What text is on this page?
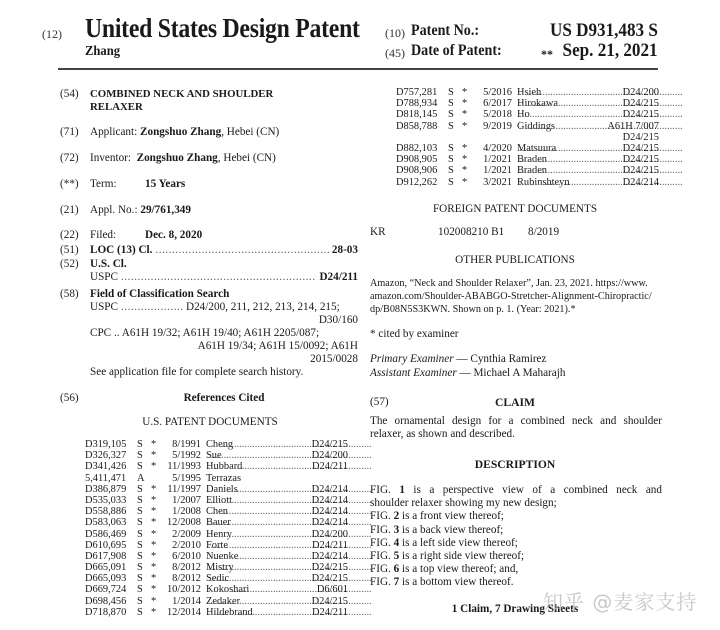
(12) United States Design Patent
Zhang
(10) Patent No.:	US D931,483 S
(45) Date of Patent:	** Sep. 21, 2021
(54) COMBINED NECK AND SHOULDER
RELAXER
(71) Applicant: Zongshuo Zhang, Hebei (CN)
(72) Inventor: Zongshuo Zhang, Hebei (CN)
(**) Term:	15 Years
(21) Appl. No.: 29/761,349
(22) Filed:	Dec. 8, 2020
(51) LOC (13) Cl. .....	28-03
(52) U.S. Cl.
USPC .....	D24/211
(58) Field of Classification Search
USPC .....	D24/200, 211, 212, 213, 214, 215;
D30/160
CPC .. A61H 19/32; A61H 19/40; A61H 2205/087;
A61H 19/34; A61H 15/0092; A61H
2015/0028
See application file for complete search history.
(56)	References Cited
U.S. PATENT DOCUMENTS
D319,105 S *	8/1991 Cheng .....	D24/215
D326,327 S *	5/1992 Sue .....	D24/200
D341,426 S *	11/1993 Hubbard .....	D24/211
5,411,471 A	5/1995 Terrazas
D386,879 S *	11/1997 Daniels .....	D24/214
D535,033 S *	1/2007 Elliott .....	D24/214
D558,886 S *	1/2008 Chen .....	D24/214
D583,063 S *	12/2008 Bauer .....	D24/214
D586,469 S *	2/2009 Henry .....	D24/200
D610,695 S *	2/2010 Forte .....	D24/211
D617,908 S *	6/2010 Nuenke .....	D24/214
D665,091 S *	8/2012 Mistry .....	D24/215
D665,093 S *	8/2012 Sedic .....	D24/215
D669,724 S *	10/2012 Kokoshari .....	D6/601
D698,456 S *	1/2014 Zedaker .....	D24/215
D718,870 S *	12/2014 Hildebrand .....	D24/211
D757,281 S *	5/2016 Hsieh .....	D24/200
D788,934 S *	6/2017 Hirokawa .....	D24/215
D818,145 S *	5/2018 Ho .....	D24/215
D858,788 S *	9/2019 Giddings .....	A61H 7/007
D24/215
D882,103 S *	4/2020 Matsuura .....	D24/215
D908,905 S *	1/2021 Braden .....	D24/215
D908,906 S *	1/2021 Braden .....	D24/215
D912,262 S *	3/2021 Rubinshteyn .....	D24/214
FOREIGN PATENT DOCUMENTS
KR	102008210 B1 8/2019
OTHER PUBLICATIONS
Amazon, “Neck and Shoulder Relaxer”, Jan. 23, 2021. https://www.
amazon.com/Shoulder-ABABGO-Stretcher-Alignment-Chiropractic/
dp/B08N5S3KWN. Shown on p. 1. (Year: 2021).*
* cited by examiner
Primary Examiner — Cynthia Ramirez
Assistant Examiner — Michael A Maharajh
(57)	CLAIM
The ornamental design for a combined neck and shoulder
relaxer, as shown and described.
DESCRIPTION
FIG. 1 is a perspective view of a combined neck and
shoulder relaxer showing my new design;
FIG. 2 is a front view thereof;
FIG. 3 is a back view thereof;
FIG. 4 is a left side view thereof;
FIG. 5 is a right side view thereof;
FIG. 6 is a top view thereof; and,
FIG. 7 is a bottom view thereof.
1 Claim, 7 Drawing Sheets
知乎 @麦家支持
